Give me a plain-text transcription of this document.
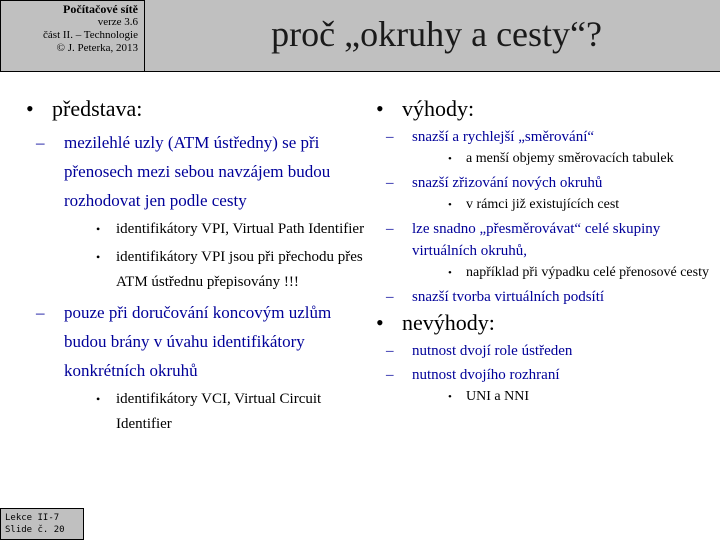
Počítačové sítě
verze 3.6
část II. – Technologie
© J. Peterka, 2013	proč „okruhy a cesty“?
• představa:
– mezilehlé uzly (ATM ústředny) se při přenosech mezi sebou navzájem budou rozhodovat jen podle cesty
• identifikátory VPI, Virtual Path Identifier
• identifikátory VPI jsou při přechodu přes ATM ústřednu přepisovány !!!
– pouze při doručování koncovým uzlům budou brány v úvahu identifikátory konkrétních okruhů
• identifikátory VCI, Virtual Circuit Identifier
• výhody:
– snazší a rychlejší „směrování“
• a menší objemy směrovacích tabulek
– snazší zřizování nových okruhů
• v rámci již existujících cest
– lze snadno „přesměrovávat“ celé skupiny virtuálních okruhů,
• například při výpadku celé přenosové cesty
– snazší tvorba virtuálních podsítí
• nevýhody:
– nutnost dvojí role ústředen
– nutnost dvojího rozhraní
• UNI a NNI
Lekce II-7
Slide č. 20
